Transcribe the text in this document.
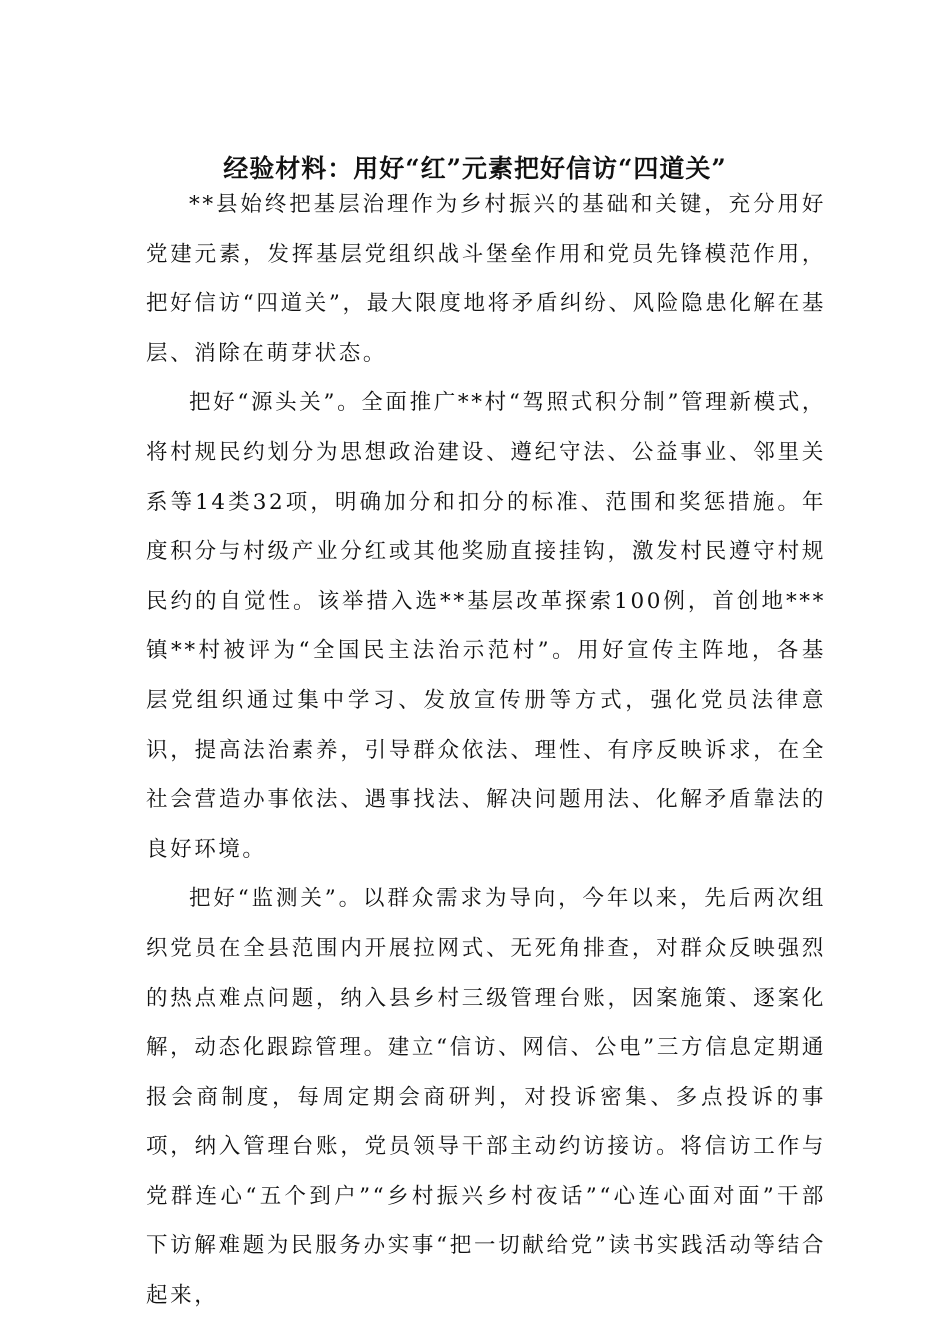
经验材料：用好“红”元素把好信访“四道关”

**县始终把基层治理作为乡村振兴的基础和关键，充分用好党建元素，发挥基层党组织战斗堡垒作用和党员先锋模范作用，把好信访“四道关”，最大限度地将矛盾纠纷、风险隐患化解在基层、消除在萌芽状态。

把好“源头关”。全面推广**村“驾照式积分制”管理新模式，将村规民约划分为思想政治建设、遵纪守法、公益事业、邻里关系等14类32项，明确加分和扣分的标准、范围和奖惩措施。年度积分与村级产业分红或其他奖励直接挂钩，激发村民遵守村规民约的自觉性。该举措入选**基层改革探索100例，首创地***镇**村被评为“全国民主法治示范村”。用好宣传主阵地，各基层党组织通过集中学习、发放宣传册等方式，强化党员法律意识，提高法治素养，引导群众依法、理性、有序反映诉求，在全社会营造办事依法、遇事找法、解决问题用法、化解矛盾靠法的良好环境。

把好“监测关”。以群众需求为导向，今年以来，先后两次组织党员在全县范围内开展拉网式、无死角排查，对群众反映强烈的热点难点问题，纳入县乡村三级管理台账，因案施策、逐案化解，动态化跟踪管理。建立“信访、网信、公电”三方信息定期通报会商制度，每周定期会商研判，对投诉密集、多点投诉的事项，纳入管理台账，党员领导干部主动约访接访。将信访工作与党群连心“五个到户”“乡村振兴乡村夜话”“心连心面对面”干部下访解难题为民服务办实事“把一切献给党”读书实践活动等结合起来，
